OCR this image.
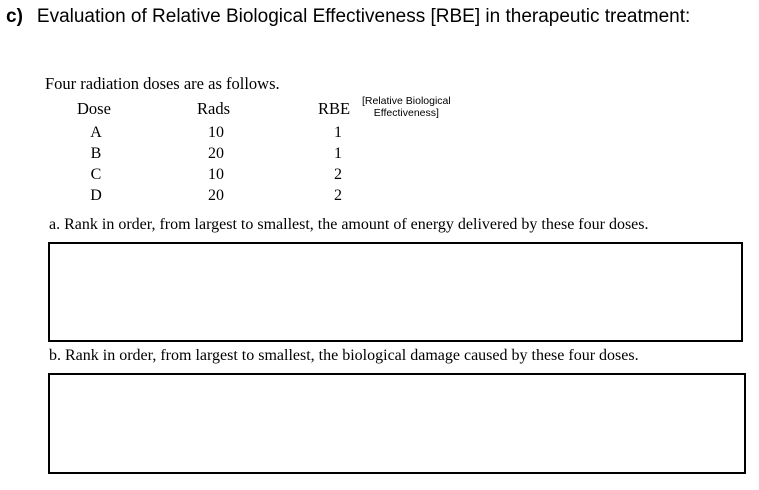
c) Evaluation of Relative Biological Effectiveness [RBE] in therapeutic treatment:
Four radiation doses are as follows.
Dose	Rads	RBE [Relative Biological
Effectiveness]
A	10	1
B	20	1
C	10	2
D	20	2
a. Rank in order, from largest to smallest, the amount of energy delivered by these four doses.
b. Rank in order, from largest to smallest, the biological damage caused by these four doses.
